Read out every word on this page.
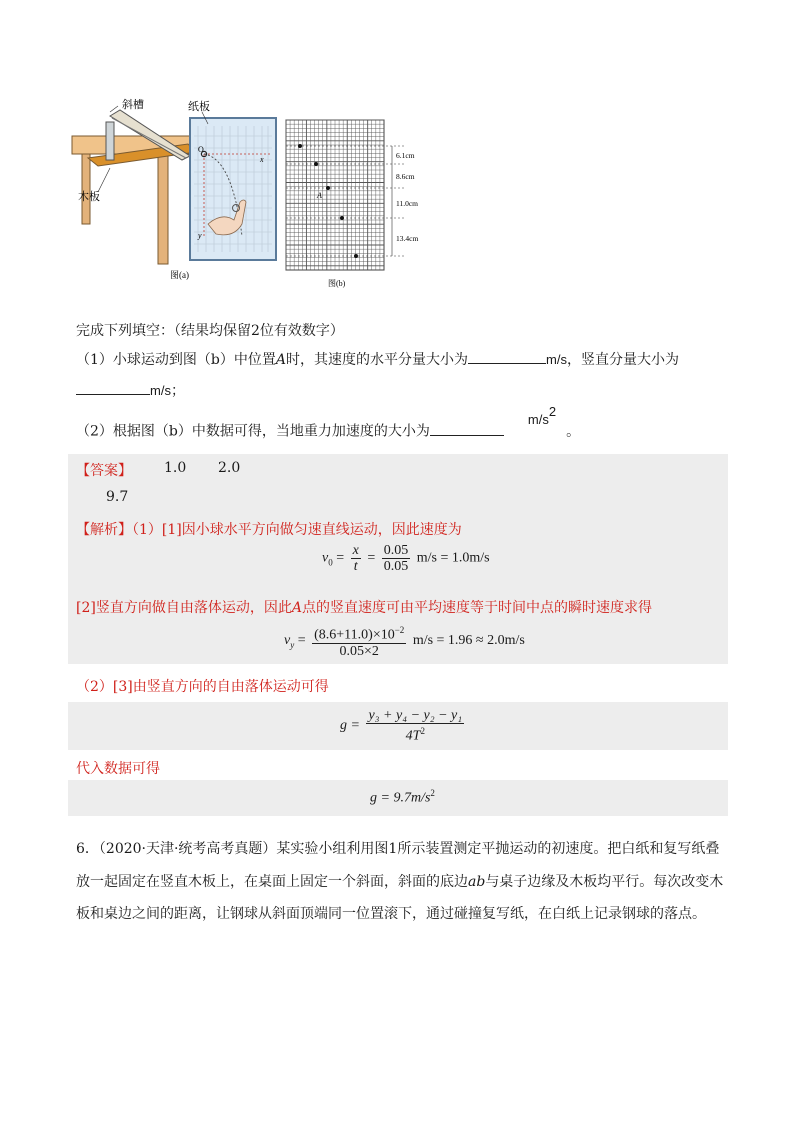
斜槽	纸板
木板
O
x
y
图(a)
A
6.1cm
8.6cm
11.0cm
13.4cm
图(b)
完成下列填空：（结果均保留2位有效数字）
（1）小球运动到图（b）中位置A时，其速度的水平分量大小为	m/s，竖直分量大小为
m/s；
（2）根据图（b）中数据可得，当地重力加速度的大小为$m/s^2$。
【答案】 1.0 2.0
9.7
【解析】（1）[1]因小球水平方向做匀速直线运动，因此速度为
$v_0 = \frac{x}{t} = \frac{0.05}{0.05} m/s = 1.0m/s$
[2]竖直方向做自由落体运动，因此A点的竖直速度可由平均速度等于时间中点的瞬时速度求得
$v_y = \frac{(8.6+11.0)\times 10^{-2}}{0.05\times 2} m/s = 1.96 \approx 2.0m/s$
（2）[3]由竖直方向的自由落体运动可得
$g = \frac{\text{y₃ + y₄ − y₂ − y₁}}{4T^2}$
代入数据可得
$g = 9.7m/s^2$
6．（2020·天津·统考高考真题）某实验小组利用图1所示装置测定平抛运动的初速度。把白纸和复写纸叠
放一起固定在竖直木板上，在桌面上固定一个斜面，斜面的底边ab与桌子边缘及木板均平行。每次改变木
板和桌边之间的距离，让钢球从斜面顶端同一位置滚下，通过碰撞复写纸，在白纸上记录钢球的落点。
